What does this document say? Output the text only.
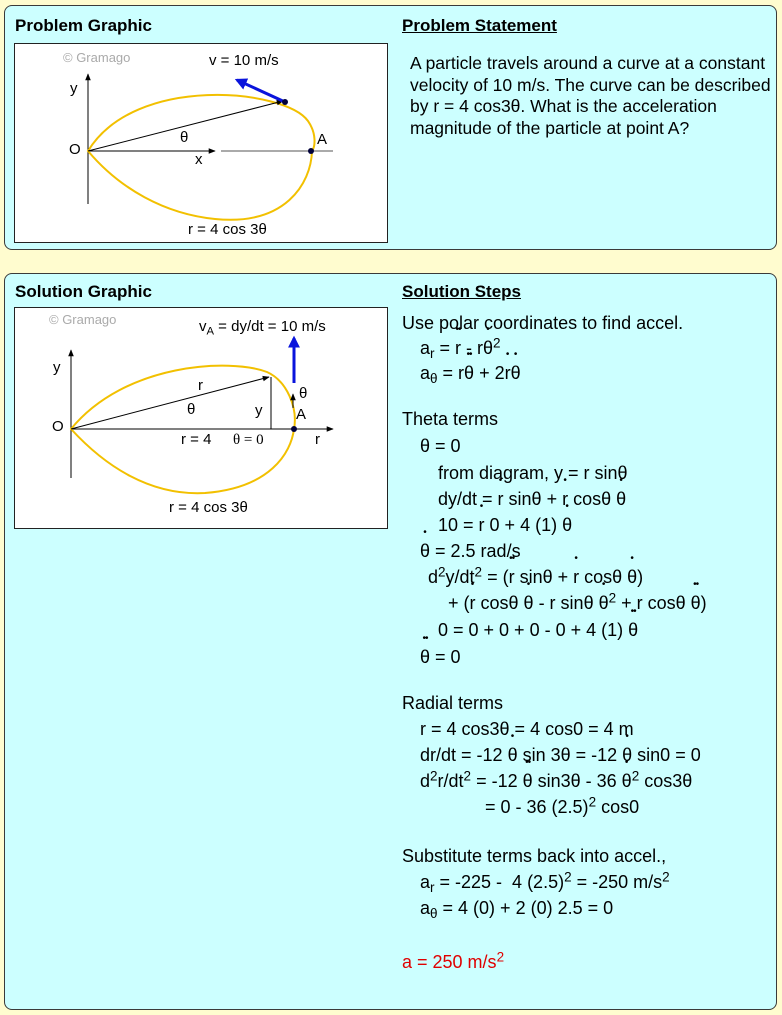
Problem Graphic	Problem Statement
© Gramago	v = 10 m/s
y
O
θ
x
A
r = 4 cos 3θ
A particle travels around a curve at a constant velocity of 10 m/s. The curve can be described by r = 4 cos3θ. What is the acceleration magnitude of the particle at point A?
Solution Graphic	Solution Steps
© Gramago	$v_A = dy/dt = 10$ m/s
y
O
r
θ	y
θ
A
r = 4 θ = 0	r
r = 4 cos 3θ
Use polar coordinates to find accel.
$a_r$ = •• r - r• $\theta^2$
$a_\theta$ = r•• θ + 2• r• θ
Theta terms
θ = 0
from diagram, y = r sinθ
dy/dt = • r sinθ + • r cosθ • θ
10 = • r 0 + 4 (1) • θ
• θ = 2.5 rad/s
$d^2y/dt^2$ = (•• r sinθ + • r cosθ • θ)
+ (• r cosθ • θ - r sinθ • $\theta^2 + r$ cosθ •• θ)
0 = 0 + 0 + 0 - 0 + 4 (1) •• θ
•• θ = 0
Radial terms
r = 4 cos3θ = 4 cos0 = 4 m
dr/dt = -12 • θ sin 3θ = -12 • θ sin0 = 0
$d^2r/dt^2 = -12$ •• θ sin3θ - 36 • $\theta^2$ cos3θ
= 0 - 36 $(2.5)^2$ cos0
Substitute terms back into accel.,
$a_r = -225 - 4$ $(2.5)^2 = -250$ $m/s^2$
$a_\theta = 4$ (0) + 2 (0) 2.5 = 0
a = 250 $m/s^2$
